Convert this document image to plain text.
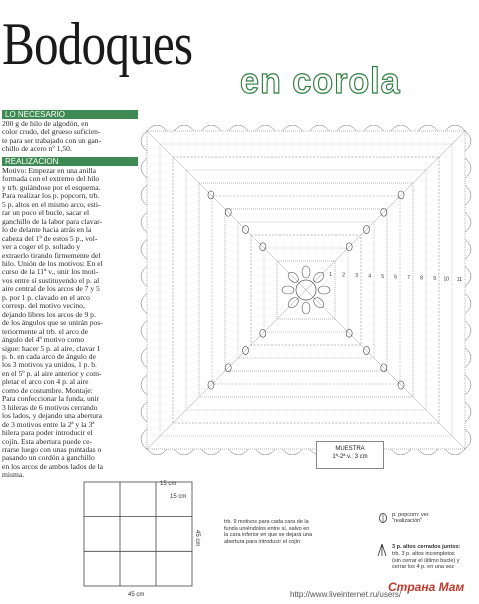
Bodoques
en corola
LO NECESARIO
200 g de hilo de algodón, en
color crudo, del grueso suficien-
te para ser trabajado con un gan-
chillo de acero nº 1,50.
REALIZACION
Motivo: Empezar en una anilla
formada con el extremo del hilo
y trb. guiándose por el esquema.
Para realizar los p. popcorn, trb.
5 p. altos en el mismo arco, esti-
rar un poco el bucle, sacar el
ganchillo de la labor para clavar-
lo de delante hacia atrás en la
cabeza del 1º de estos 5 p., vol-
ver a coger el p. soltado y
extraerlo tirando firmemente del
hilo. Unión de los motivos: En el
curso de la 11ª v., unir los moti-
vos entre sí sustituyendo el p. al
aire central de los arcos de 7 y 5
p. por 1 p. clavado en el arco
corresp. del motivo vecino,
dejando libres los arcos de 9 p.
de los ángulos que se unirán pos-
teriormente al trb. el arco de
ángulo del 4º motivo como
sigue: hacer 5 p. al aire, clavar 1
p. b. en cada arco de ángulo de
los 3 motivos ya unidos, 1 p. b.
en el 5º p. al aire anterior y com-
pletar el arco con 4 p. al aire
como de costumbre. Montaje:
Para confeccionar la funda, unir
3 hileras de 6 motivos cerrando
los lados, y dejando una abertura
de 3 motivos entre la 2ª y la 3ª
hilera para poder introducir el
cojín. Esta abertura puede ce-
rrarse luego con unas puntadas o
pasando un cordón a ganchillo
en los arcos de ambos lados de la
misma.
1 2 3 4 5 6 7 8 9 10 11
MUESTRA
1ª-2ª v.: 3 cm
15 cm
15 cm
45 cm
45 cm
trb. 9 motivos para cada cara de la
funda uniéndolos entre sí, salvo en
la cara inferior en que se dejará una
abertura para introducir el cojín
p. popcorn: ver
"realización"
3 p. altos cerrados juntos:
trb. 3 p. altos incompletos
(sin cerrar el último bucle) y
cerrar los 4 p. en una vez
http://www.liveinternet.ru/users/
Страна Мам
